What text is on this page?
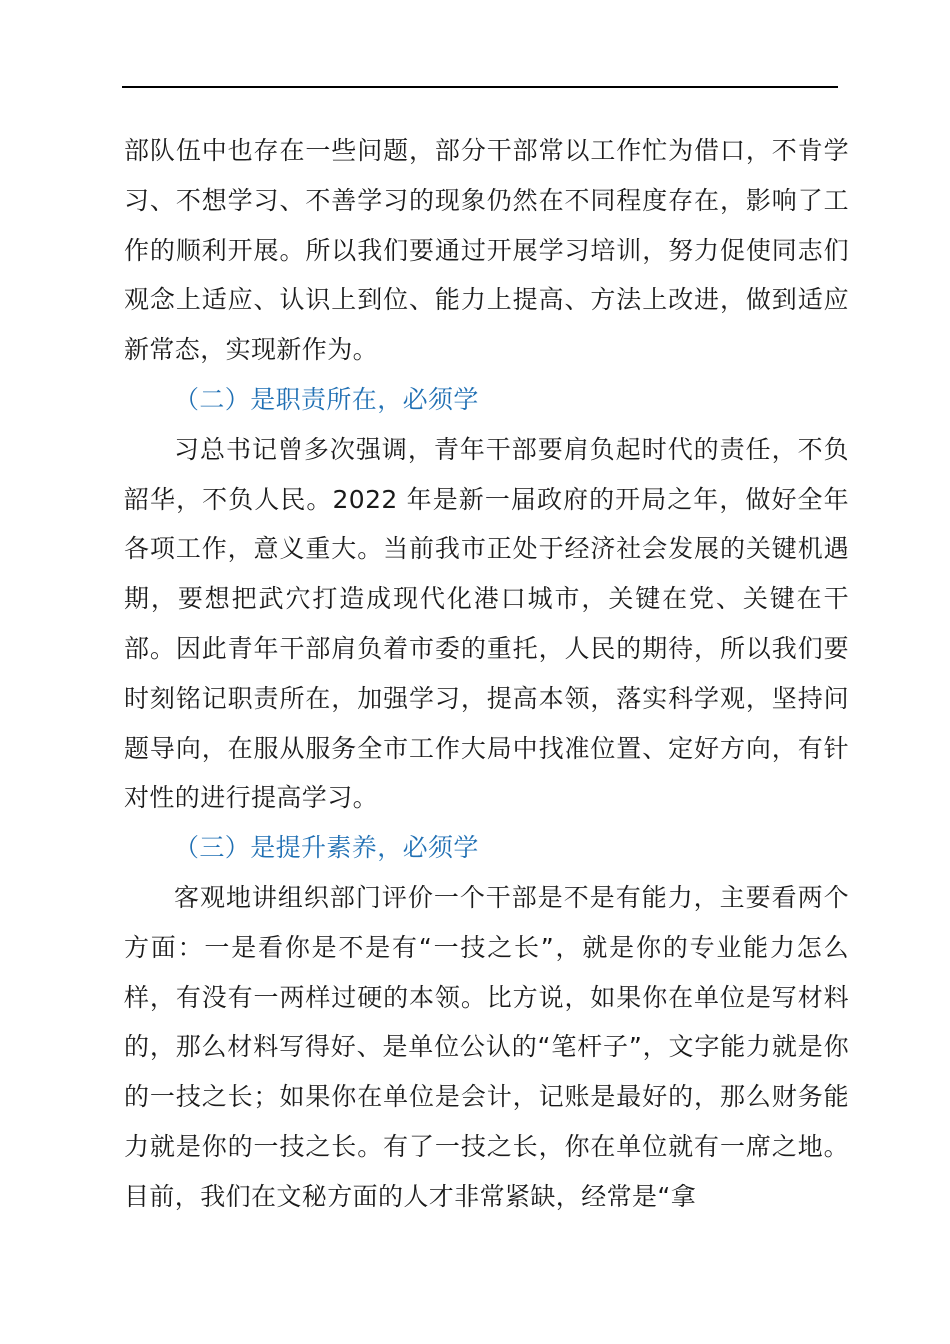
部队伍中也存在一些问题，部分干部常以工作忙为借口，不肯学习、不想学习、不善学习的现象仍然在不同程度存在，影响了工作的顺利开展。所以我们要通过开展学习培训，努力促使同志们观念上适应、认识上到位、能力上提高、方法上改进，做到适应新常态，实现新作为。

（二）是职责所在，必须学

习总书记曾多次强调，青年干部要肩负起时代的责任，不负韶华，不负人民。2022 年是新一届政府的开局之年，做好全年各项工作，意义重大。当前我市正处于经济社会发展的关键机遇期，要想把武穴打造成现代化港口城市，关键在党、关键在干部。因此青年干部肩负着市委的重托，人民的期待，所以我们要时刻铭记职责所在，加强学习，提高本领，落实科学观，坚持问题导向，在服从服务全市工作大局中找准位置、定好方向，有针对性的进行提高学习。

（三）是提升素养，必须学

客观地讲组织部门评价一个干部是不是有能力，主要看两个方面：一是看你是不是有“一技之长”，就是你的专业能力怎么样，有没有一两样过硬的本领。比方说，如果你在单位是写材料的，那么材料写得好、是单位公认的“笔杆子”，文字能力就是你的一技之长；如果你在单位是会计，记账是最好的，那么财务能力就是你的一技之长。有了一技之长，你在单位就有一席之地。目前，我们在文秘方面的人才非常紧缺，经常是“拿
